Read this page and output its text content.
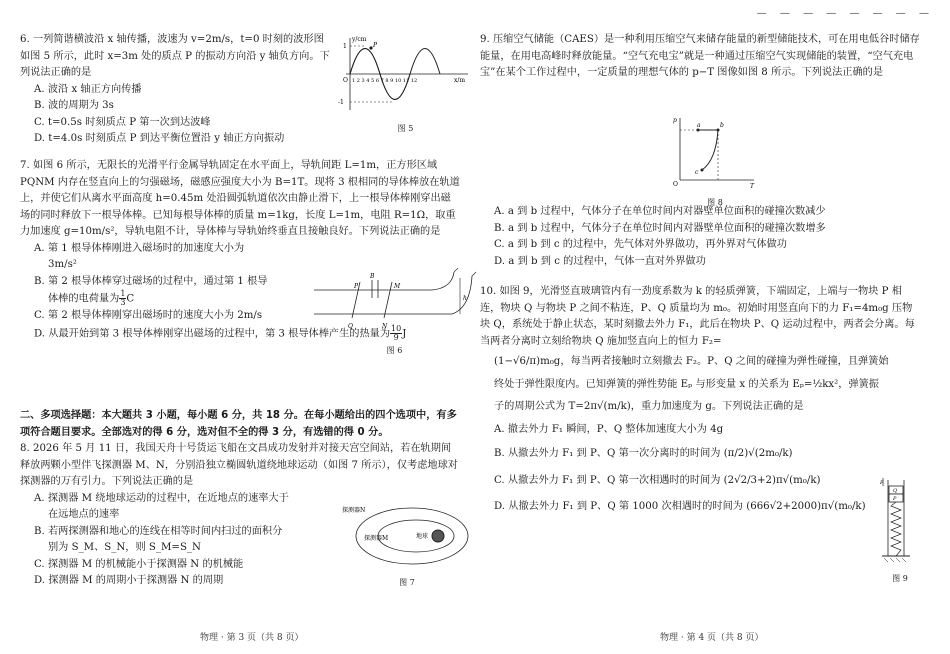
6. 一列简谐横波沿 x 轴传播，波速为 v=2m/s，t=0 时刻的波形图如图 5 所示，此时 x=3m 处的质点 P 的振动方向沿 y 轴负方向。下列说法正确的是

A. 波沿 x 轴正方向传播

B. 波的周期为 3s

C. t=0.5s 时刻质点 P 第一次到达波峰

D. t=4.0s 时刻质点 P 到达平衡位置沿 y 轴正方向振动

y/cm
x/m
P
1
-1
O 1 2 3 4 5 6 7 8 9 10 11 12
图 5

7. 如图 6 所示，无限长的光滑平行金属导轨固定在水平面上，导轨间距 L=1m，正方形区域 PQNM 内存在竖直向上的匀强磁场，磁感应强度大小为 B=1T。现将 3 根相同的导体棒放在轨道上，并使它们从离水平面高度 h=0.45m 处沿圆弧轨道依次由静止滑下，上一根导体棒刚穿出磁场的同时释放下一根导体棒。已知每根导体棒的质量 m=1kg，长度 L=1m，电阻 R=1Ω，取重力加速度 g=10m/s²，导轨电阻不计，导体棒与导轨始终垂直且接触良好。下列说法正确的是

A. 第 1 根导体棒刚进入磁场时的加速度大小为

3m/s²

B. 第 2 根导体棒穿过磁场的过程中，通过第 1 根导

体棒的电荷量为 $\frac{1}{3}$ C

C. 第 2 根导体棒刚穿出磁场时的速度大小为 2m/s

D. 从最开始到第 3 根导体棒刚穿出磁场的过程中，第 3 根导体棒产生的热量为 $\frac{10}{9}$ J

P	M
Q	N
B
h
图 6
二、多项选择题：本大题共 3 小题，每小题 6 分，共 18 分。在每小题给出的四个选项中，有多项符合题目要求。全部选对的得 6 分，选对但不全的得 3 分，有选错的得 0 分。

8. 2026 年 5 月 11 日，我国天舟十号货运飞船在文昌成功发射并对接天宫空间站，若在轨期间释放两颗小型伴飞探测器 M、N，分别沿独立椭圆轨道绕地球运动（如图 7 所示），仅考虑地球对探测器的万有引力。下列说法正确的是

A. 探测器 M 绕地球运动的过程中，在近地点的速率大于

在远地点的速率

B. 若两探测器和地心的连线在相等时间内扫过的面积分

别为 S_M、S_N，则 S_M=S_N

C. 探测器 M 的机械能小于探测器 N 的机械能

D. 探测器 M 的周期小于探测器 N 的周期

探测器N
探测器M	地球
图 7
物理 · 第 3 页（共 8 页）
— — — — — — — —

9. 压缩空气储能（CAES）是一种利用压缩空气来储存能量的新型储能技术，可在用电低谷时储存能量，在用电高峰时释放能量。“空气充电宝”就是一种通过压缩空气实现储能的装置，“空气充电宝”在某个工作过程中，一定质量的理想气体的 p−T 图像如图 8 所示。下列说法正确的是

p
T
O
a	b
c
图 8

A. a 到 b 过程中，气体分子在单位时间内对器壁单位面积的碰撞次数减少

B. a 到 b 过程中，气体分子在单位时间内对器壁单位面积的碰撞次数增多

C. a 到 b 到 c 的过程中，先气体对外界做功，再外界对气体做功

D. a 到 b 到 c 的过程中，气体一直对外界做功

10. 如图 9，光滑竖直玻璃管内有一劲度系数为 k 的轻质弹簧，下端固定，上端与一物块 P 相连，物块 Q 与物块 P 之间不粘连，P、Q 质量均为 m₀。初始时用竖直向下的力 F₁=4m₀g 压物块 Q，系统处于静止状态，某时刻撤去外力 F₁，此后在物块 P、Q 运动过程中，两者会分离。每当两者分离时立刻给物块 Q 施加竖直向上的恒力 F₂=

(1−√6/π)m₀g，每当两者接触时立刻撤去 F₂。P、Q 之间的碰撞为弹性碰撞，且弹簧始

终处于弹性限度内。已知弹簧的弹性势能 Eₚ 与形变量 x 的关系为 Eₚ=½kx²，弹簧振

子的周期公式为 T=2π√(m/k)，重力加速度为 g。下列说法正确的是

A. 撤去外力 F₁ 瞬间，P、Q 整体加速度大小为 4g

B. 从撤去外力 F₁ 到 P、Q 第一次分离时的时间为 (π/2)√(2m₀/k)

C. 从撤去外力 F₁ 到 P、Q 第一次相遇时的时间为 (2√2/3+2)π√(m₀/k)

D. 从撤去外力 F₁ 到 P、Q 第 1000 次相遇时的时间为 (666√2+2000)π√(m₀/k)

F
Q
P
图 9
物理 · 第 4 页（共 8 页）
